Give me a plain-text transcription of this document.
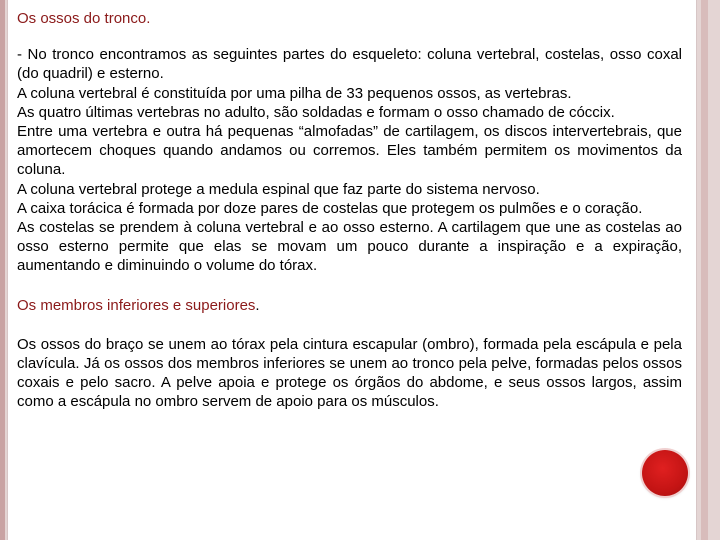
Os ossos do tronco.

- No tronco encontramos as seguintes partes do esqueleto: coluna vertebral, costelas, osso coxal (do quadril) e esterno.

A coluna vertebral é constituída por uma pilha de 33 pequenos ossos, as vertebras.

As quatro últimas vertebras no adulto, são soldadas e formam o osso chamado de cóccix.

Entre uma vertebra e outra há pequenas “almofadas” de cartilagem, os discos intervertebrais, que amortecem choques quando andamos ou corremos. Eles também permitem os movimentos da coluna.

A coluna vertebral protege a medula espinal que faz parte do sistema nervoso.

A caixa torácica é formada por doze pares de costelas que protegem os pulmões e o coração.

As costelas se prendem à coluna vertebral e ao osso esterno. A cartilagem que une as costelas ao osso esterno permite que elas se movam um pouco durante a inspiração e a expiração, aumentando e diminuindo o volume do tórax.

Os membros inferiores e superiores.

Os ossos do braço se unem ao tórax pela cintura escapular (ombro), formada pela escápula e pela clavícula. Já os ossos dos membros inferiores se unem ao tronco pela pelve, formadas pelos ossos coxais e pelo sacro. A pelve apoia e protege os órgãos do abdome, e seus ossos largos, assim como a escápula no ombro servem de apoio para os músculos.
